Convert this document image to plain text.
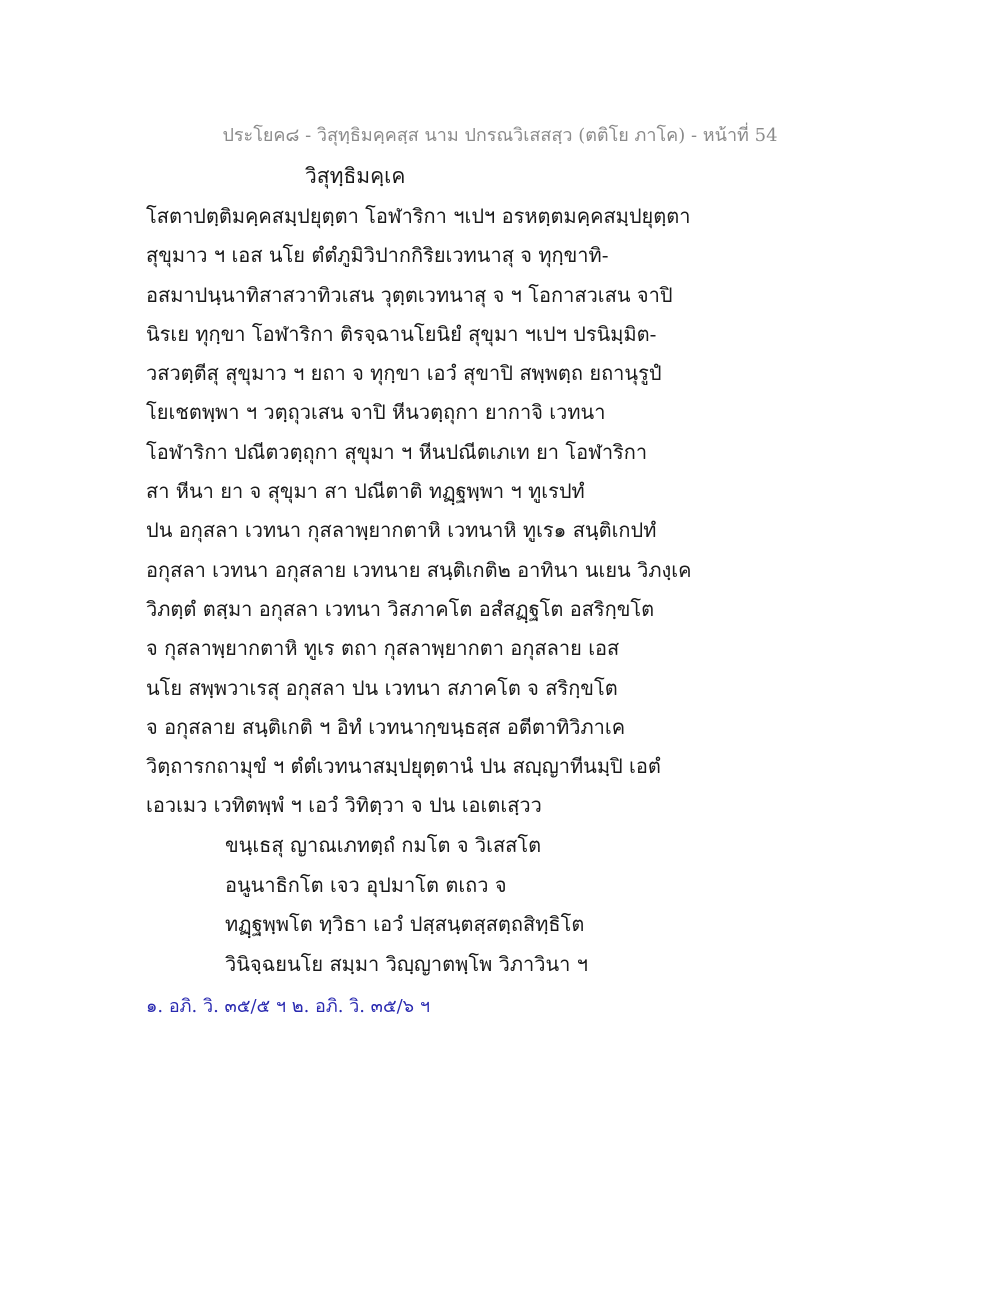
ประโยค๘ - วิสุทฺธิมคฺคสฺส นาม ปกรณวิเสสสฺว (ตติโย ภาโค) - หน้าที่ 54
วิสุทฺธิมคฺเค
โสตาปตฺติมคฺคสมฺปยุตฺตา โอฬาริกา ฯเปฯ อรหตฺตมคฺคสมฺปยุตฺตา
สุขุมาว ฯ เอส นโย ตํตํภูมิวิปากกิริยเวทนาสุ จ ทุกฺขาทิ-
อสมาปนฺนาทิสาสวาทิวเสน วุตฺตเวทนาสุ จ ฯ โอกาสวเสน จาปิ
นิรเย ทุกฺขา โอฬาริกา ติรจฺฉานโยนิยํ สุขุมา ฯเปฯ ปรนิมฺมิต-
วสวตฺตีสุ สุขุมาว ฯ ยถา จ ทุกฺขา เอวํ สุขาปิ สพฺพตฺถ ยถานุรูปํ
โยเชตพฺพา ฯ วตฺถุวเสน จาปิ หีนวตฺถุกา ยากาจิ เวทนา
โอฬาริกา ปณีตวตฺถุกา สุขุมา ฯ หีนปณีตเภเท ยา โอฬาริกา
สา หีนา ยา จ สุขุมา สา ปณีตาติ ทฏฺฐพฺพา ฯ ทูเรปทํ
ปน อกุสลา เวทนา กุสลาพฺยากตาหิ เวทนาหิ ทูเร๑ สนฺติเกปทํ
อกุสลา เวทนา อกุสลาย เวทนาย สนฺติเกติ๒ อาทินา นเยน วิภงฺเค
วิภตฺตํ ตสฺมา อกุสลา เวทนา วิสภาคโต อสํสฏฺฐโต อสริกฺขโต
จ กุสลาพฺยากตาหิ ทูเร ตถา กุสลาพฺยากตา อกุสลาย เอส
นโย สพฺพวาเรสุ อกุสลา ปน เวทนา สภาคโต จ สริกฺขโต
จ อกุสลาย สนฺติเกติ ฯ อิทํ เวทนากฺขนฺธสฺส อตีตาทิวิภาเค
วิตฺถารกถามุขํ ฯ ตํตํเวทนาสมฺปยุตฺตานํ ปน สญฺญาทีนมฺปิ เอตํ
เอวเมว เวทิตพฺพํ ฯ เอวํ วิทิตฺวา จ ปน เอเตเสฺวว
ขนฺเธสุ ญาณเภทตฺถํ กมโต จ วิเสสโต
อนูนาธิกโต เจว อุปมาโต ตเถว จ
ทฏฺฐพฺพโต ทฺวิธา เอวํ ปสฺสนฺตสฺสตฺถสิทฺธิโต
วินิจฺฉยนโย สมฺมา วิญฺญาตพฺโพ วิภาวินา ฯ
๑. อภิ. วิ. ๓๕/๕ ฯ ๒. อภิ. วิ. ๓๕/๖ ฯ
